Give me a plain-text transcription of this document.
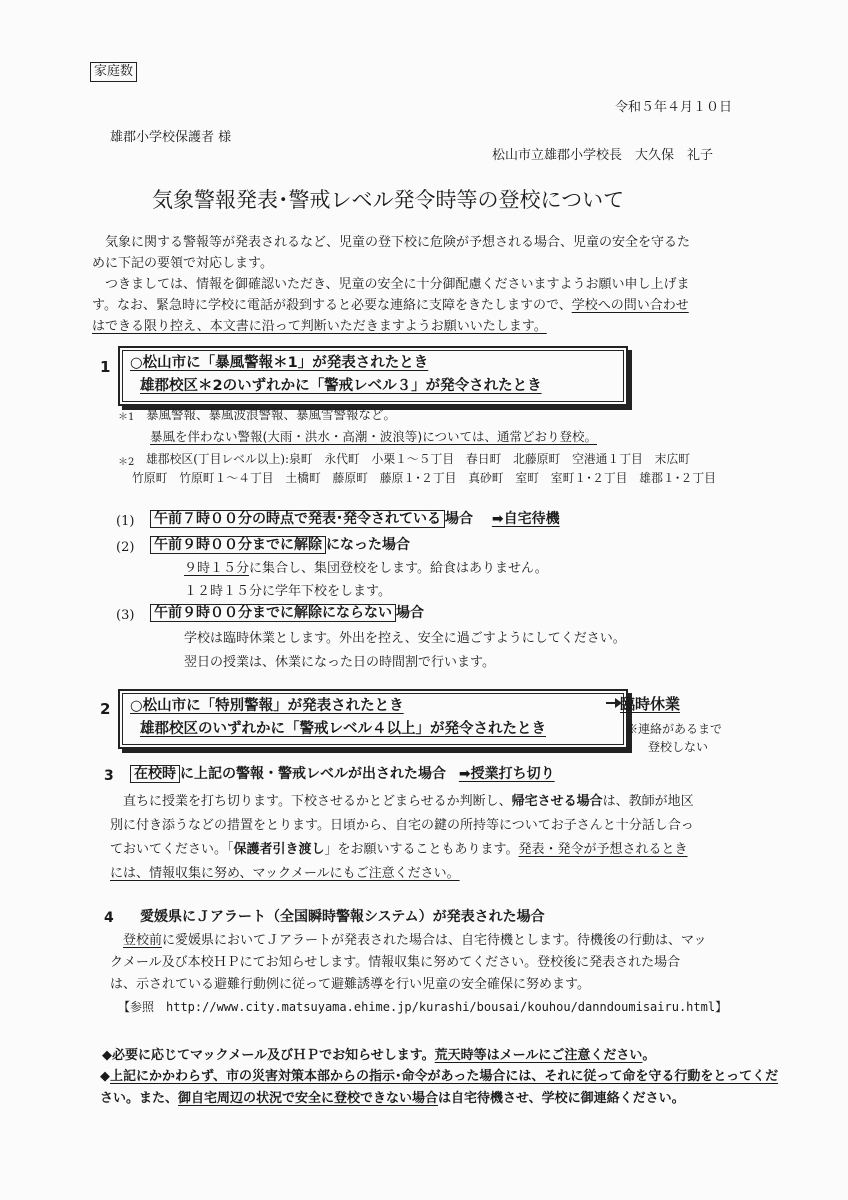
家庭数
令和５年４月１０日
雄郡小学校保護者 様
松山市立雄郡小学校長　大久保　礼子
気象警報発表･警戒レベル発令時等の登校について
気象に関する警報等が発表されるなど、児童の登下校に危険が予想される場合、児童の安全を守るた
めに下記の要領で対応します。
つきましては、情報を御確認いただき、児童の安全に十分御配慮くださいますようお願い申し上げま
す。なお、緊急時に学校に電話が殺到すると必要な連絡に支障をきたしますので、学校への問い合わせ
はできる限り控え、本文書に沿って判断いただきますようお願いいたします。
1 ○松山市に「暴風警報＊1」が発表されたとき
雄郡校区＊2のいずれかに「警戒レベル３」が発令されたとき
＊1 暴風警報、暴風波浪警報、暴風雪警報など。
暴風を伴わない警報(大雨・洪水・高潮・波浪等)については、通常どおり登校。
＊2 雄郡校区(丁目レベル以上):泉町　永代町　小栗１～５丁目　春日町　北藤原町　空港通１丁目　末広町
竹原町　竹原町１～４丁目　土橋町　藤原町　藤原１･２丁目　真砂町　室町　室町１･２丁目　雄郡１･２丁目
(1) 午前７時００分の時点で発表･発令されている 場合 ➡自宅待機
(2) 午前９時００分までに解除 になった場合
９時１５分に集合し、集団登校をします。給食はありません。
１２時１５分に学年下校をします。
(3) 午前９時００分までに解除にならない 場合
学校は臨時休業とします。外出を控え、安全に過ごすようにしてください。
翌日の授業は、休業になった日の時間割で行います。
2 ○松山市に「特別警報」が発表されたとき
雄郡校区のいずれかに「警戒レベル４以上」が発令されたとき
臨時休業
※連絡があるまで
登校しない
3 在校時 に上記の警報・警戒レベルが出された場合 ➡授業打ち切り
直ちに授業を打ち切ります。下校させるかとどまらせるか判断し、帰宅させる場合は、教師が地区
別に付き添うなどの措置をとります。日頃から、自宅の鍵の所持等についてお子さんと十分話し合っ
ておいてください。「保護者引き渡し」をお願いすることもあります。発表・発令が予想されるとき
には、情報収集に努め、マックメールにもご注意ください。
4 愛媛県にＪアラート（全国瞬時警報システム）が発表された場合
登校前に愛媛県においてＪアラートが発表された場合は、自宅待機とします。待機後の行動は、マッ
クメール及び本校ＨＰにてお知らせします。情報収集に努めてください。登校後に発表された場合
は、示されている避難行動例に従って避難誘導を行い児童の安全確保に努めます。
【参照　http://www.city.matsuyama.ehime.jp/kurashi/bousai/kouhou/danndoumisairu.html】
◆必要に応じてマックメール及びＨＰでお知らせします。荒天時等はメールにご注意ください。
◆上記にかかわらず、市の災害対策本部からの指示･命令があった場合には、それに従って命を守る行動をとってくだ
さい。また、御自宅周辺の状況で安全に登校できない場合は自宅待機させ、学校に御連絡ください。
